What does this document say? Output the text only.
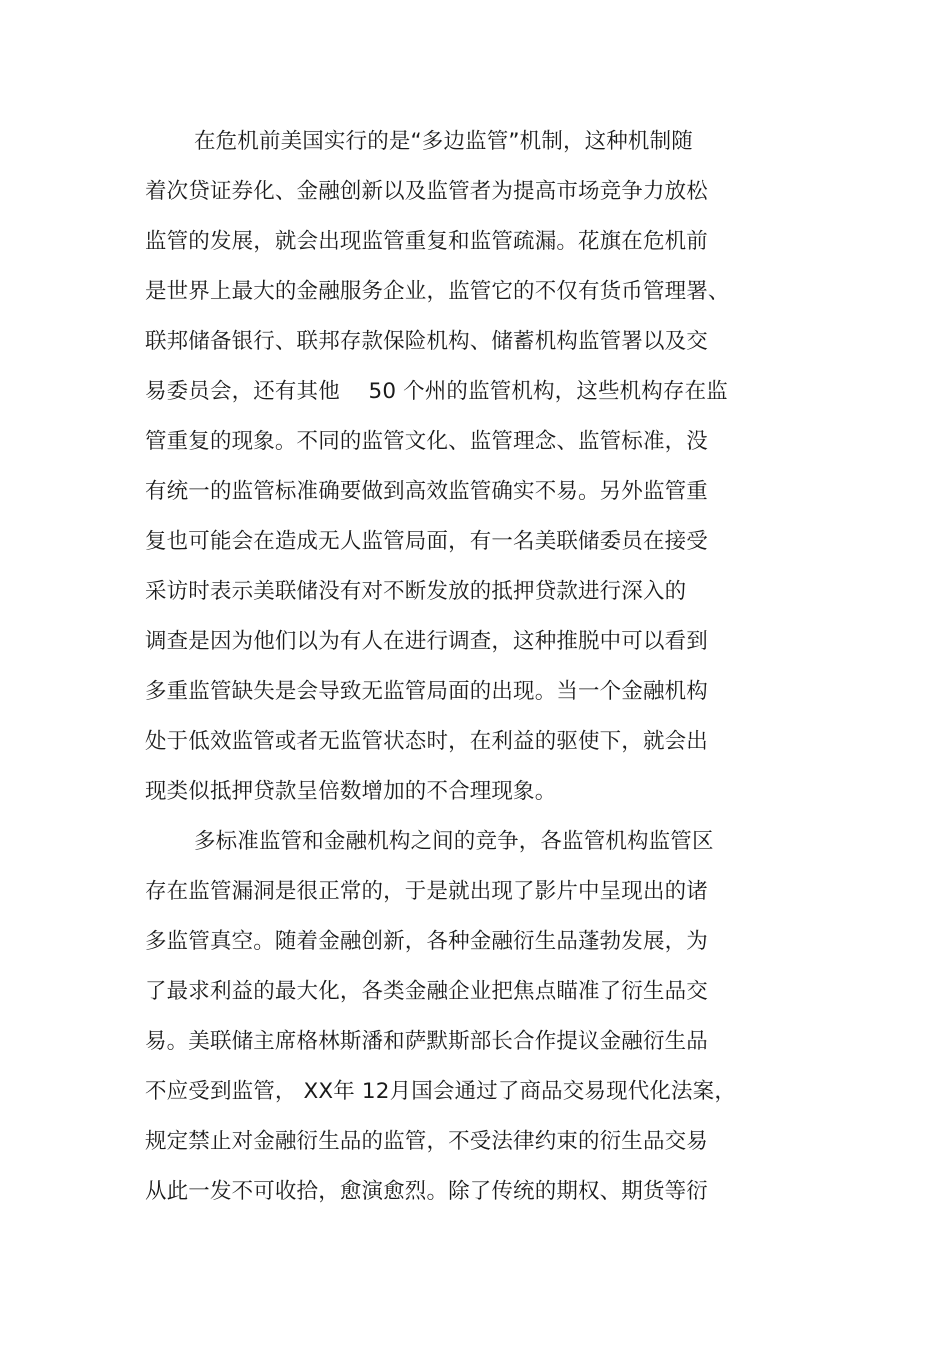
在危机前美国实行的是“多边监管”机制，这种机制随
着次贷证券化、金融创新以及监管者为提高市场竞争力放松
监管的发展，就会出现监管重复和监管疏漏。花旗在危机前
是世界上最大的金融服务企业，监管它的不仅有货币管理署、
联邦储备银行、联邦存款保险机构、储蓄机构监管署以及交
易委员会，还有其他　 50 个州的监管机构，这些机构存在监
管重复的现象。不同的监管文化、监管理念、监管标准，没
有统一的监管标准确要做到高效监管确实不易。另外监管重
复也可能会在造成无人监管局面，有一名美联储委员在接受
采访时表示美联储没有对不断发放的抵押贷款进行深入的
调查是因为他们以为有人在进行调查，这种推脱中可以看到
多重监管缺失是会导致无监管局面的出现。当一个金融机构
处于低效监管或者无监管状态时，在利益的驱使下，就会出
现类似抵押贷款呈倍数增加的不合理现象。
多标准监管和金融机构之间的竞争，各监管机构监管区
存在监管漏洞是很正常的，于是就出现了影片中呈现出的诸
多监管真空。随着金融创新，各种金融衍生品蓬勃发展，为
了最求利益的最大化，各类金融企业把焦点瞄准了衍生品交
易。美联储主席格林斯潘和萨默斯部长合作提议金融衍生品
不应受到监管， XX年 12月国会通过了商品交易现代化法案，
规定禁止对金融衍生品的监管，不受法律约束的衍生品交易
从此一发不可收拾，愈演愈烈。除了传统的期权、期货等衍
